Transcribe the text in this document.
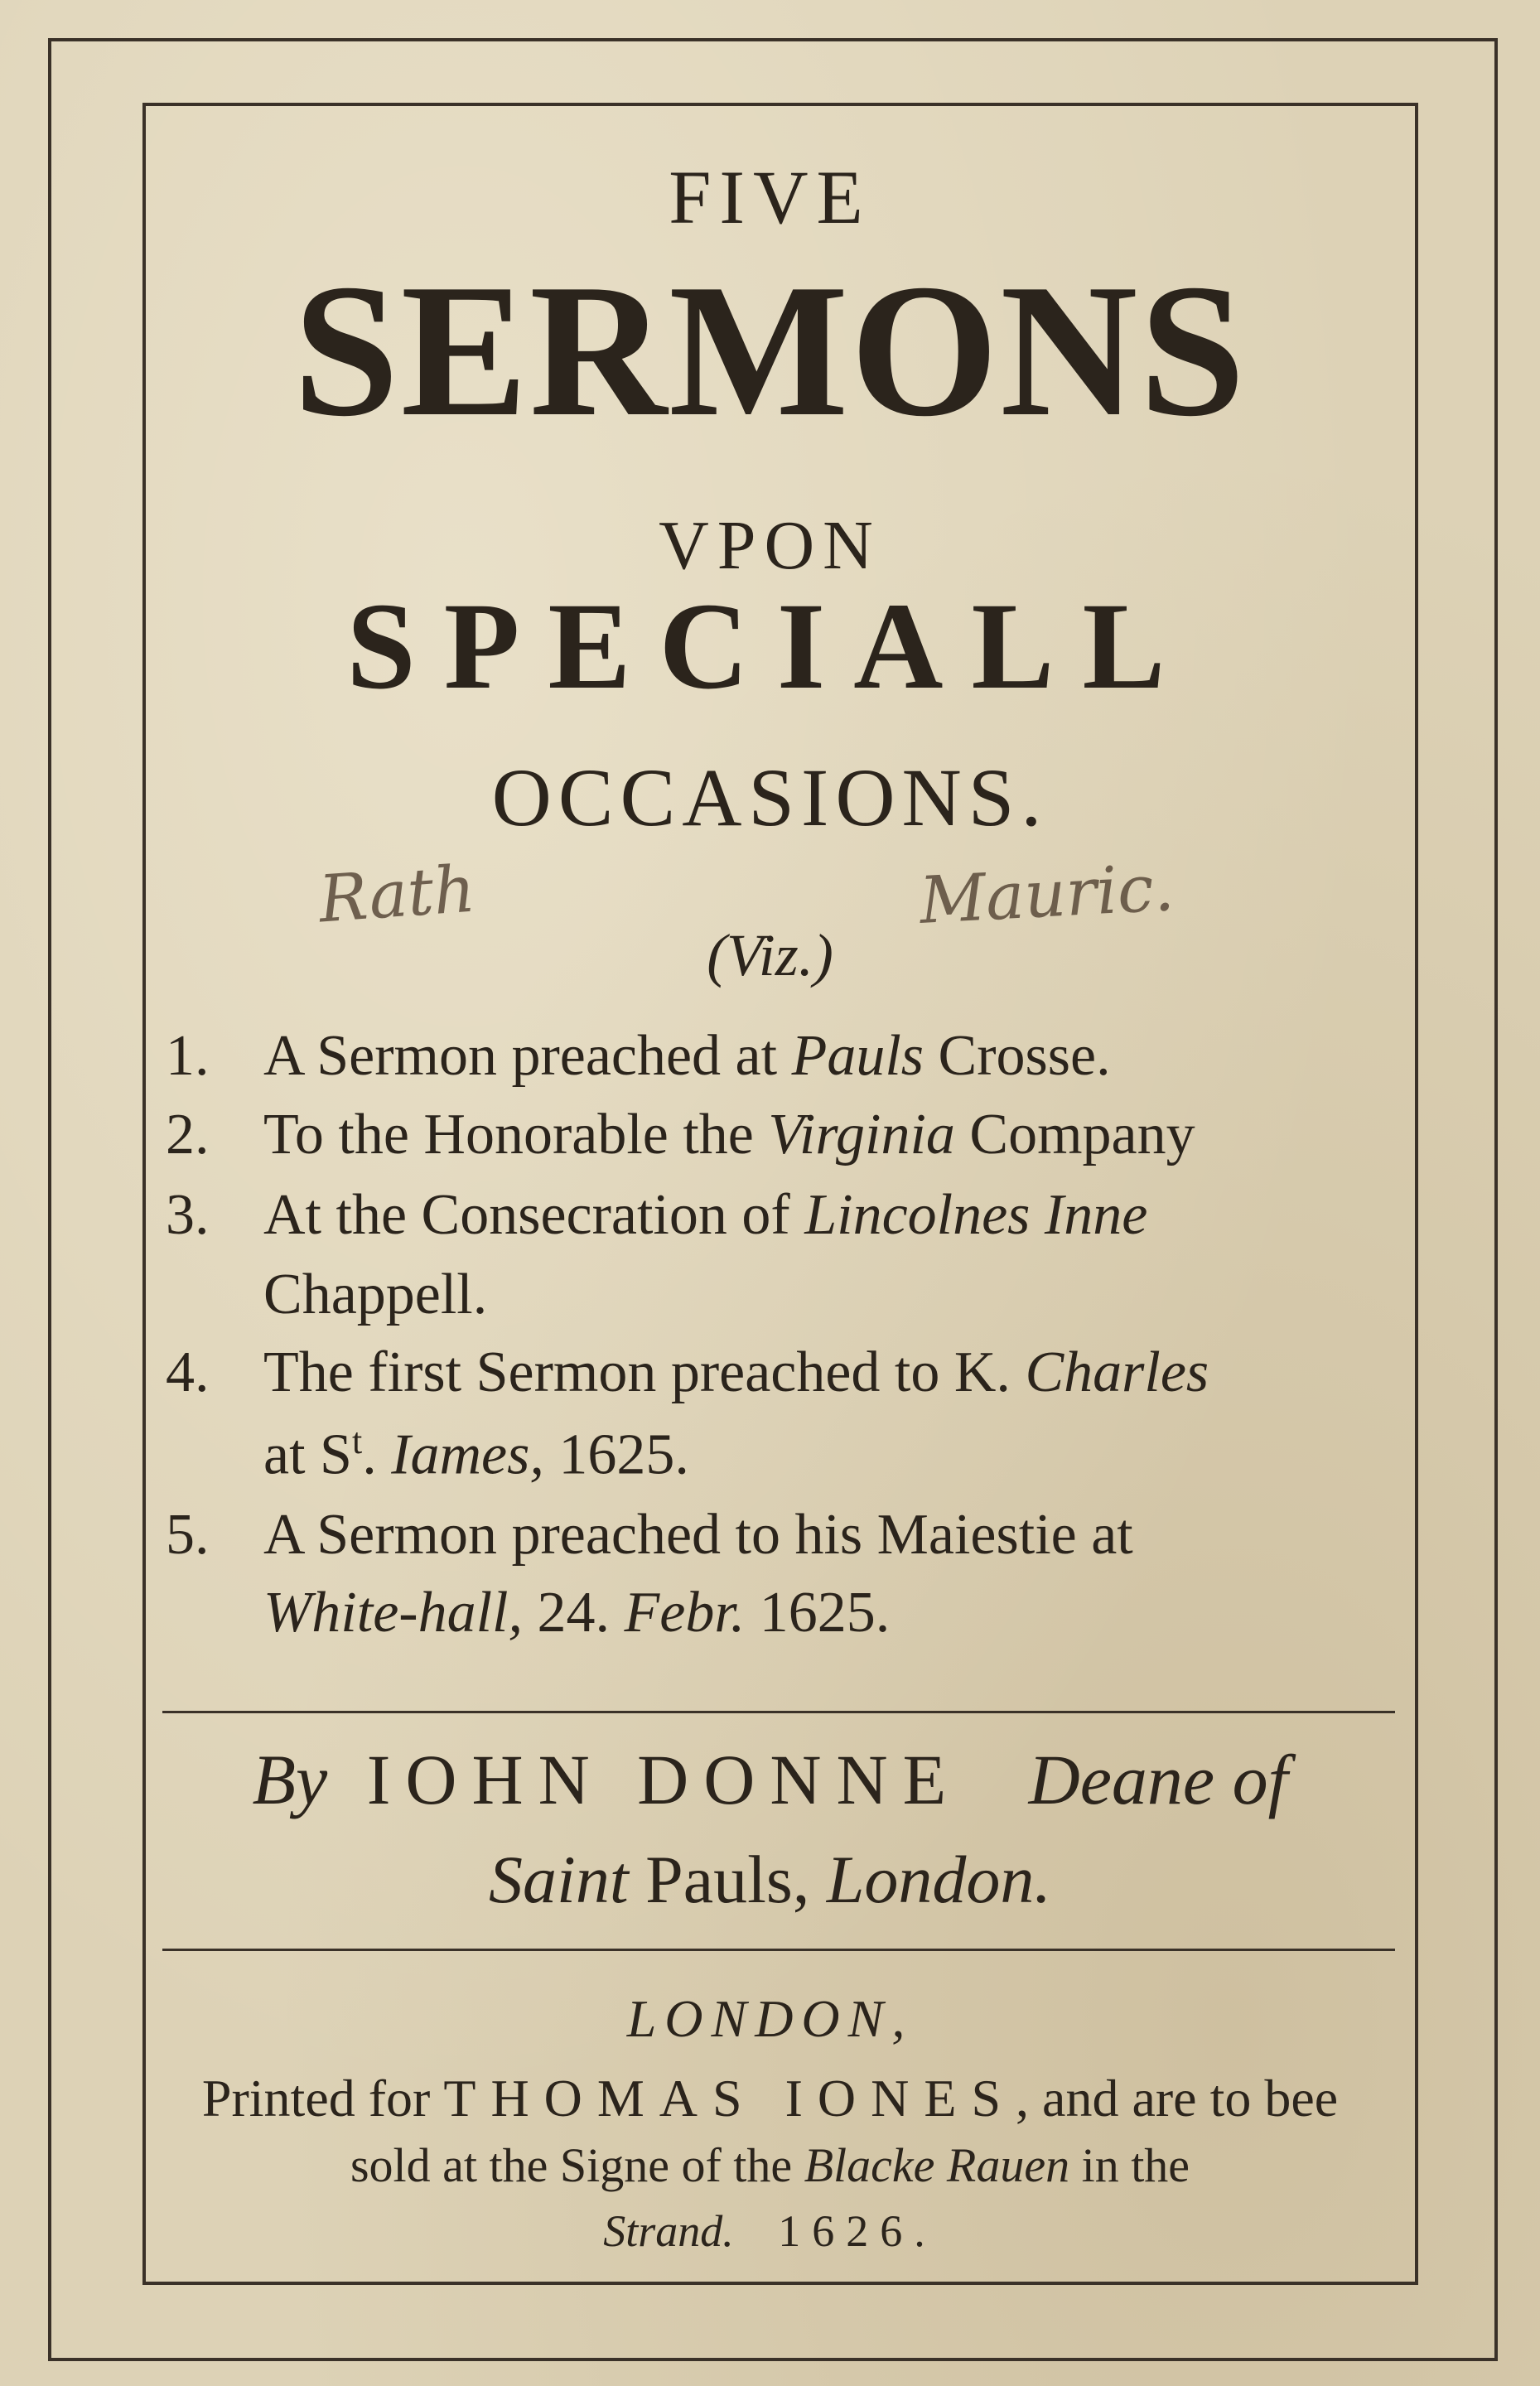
FIVE
SERMONS
VPON
SPECIALL
OCCASIONS.
Rath	Mauric.
(Viz.)
1. A Sermon preached at Pauls Crosse.
2. To the Honorable the Virginia Company
3. At the Consecration of Lincolnes Inne
Chappell.
4. The first Sermon preached to K. Charles
at $S^t$. Iames, 1625.
5. A Sermon preached to his Maiestie at
White-hall, 24. Febr. 1625.
By IOHN DONNE Deane of
Saint Pauls, London.
LONDON,
Printed for THOMAS IONES, and are to bee
sold at the Signe of the Blacke Rauen in the
Strand. 1626.
